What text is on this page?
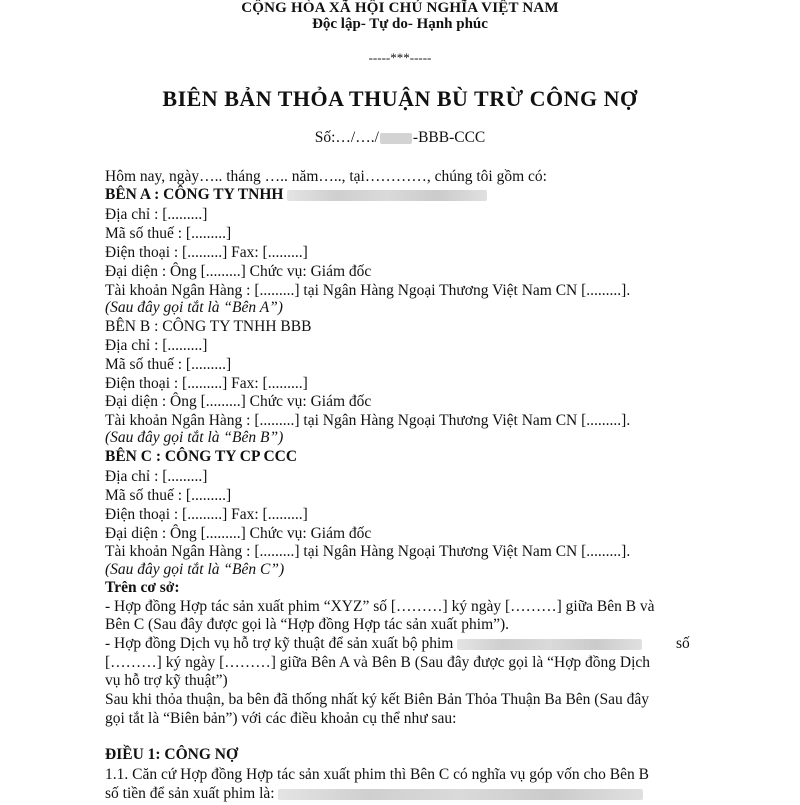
CỘNG HÒA XÃ HỘI CHỦ NGHĨA VIỆT NAM
Độc lập- Tự do- Hạnh phúc
-----***-----
BIÊN BẢN THỎA THUẬN BÙ TRỪ CÔNG NỢ
Số:…/…./ -BBB-CCC
Hôm nay, ngày….. tháng ….. năm….., tại…………, chúng tôi gồm có:
BÊN A : CÔNG TY TNHH
Địa chỉ : [.........]
Mã số thuế : [.........]
Điện thoại : [.........] Fax: [.........]
Đại diện : Ông [.........] Chức vụ: Giám đốc
Tài khoản Ngân Hàng : [.........] tại Ngân Hàng Ngoại Thương Việt Nam CN [.........].
(Sau đây gọi tắt là “Bên A”)
BÊN B : CÔNG TY TNHH BBB
Địa chỉ : [.........]
Mã số thuế : [.........]
Điện thoại : [.........] Fax: [.........]
Đại diện : Ông [.........] Chức vụ: Giám đốc
Tài khoản Ngân Hàng : [.........] tại Ngân Hàng Ngoại Thương Việt Nam CN [.........].
(Sau đây gọi tắt là “Bên B”)
BÊN C : CÔNG TY CP CCC
Địa chỉ : [.........]
Mã số thuế : [.........]
Điện thoại : [.........] Fax: [.........]
Đại diện : Ông [.........] Chức vụ: Giám đốc
Tài khoản Ngân Hàng : [.........] tại Ngân Hàng Ngoại Thương Việt Nam CN [.........].
(Sau đây gọi tắt là “Bên C”)
Trên cơ sở:
- Hợp đồng Hợp tác sản xuất phim “XYZ” số [………] ký ngày [………] giữa Bên B và
Bên C (Sau đây được gọi là “Hợp đồng Hợp tác sản xuất phim”).
- Hợp đồng Dịch vụ hỗ trợ kỹ thuật để sản xuất bộ phim	số
[………] ký ngày [………] giữa Bên A và Bên B (Sau đây được gọi là “Hợp đồng Dịch
vụ hỗ trợ kỹ thuật”)
Sau khi thỏa thuận, ba bên đã thống nhất ký kết Biên Bản Thỏa Thuận Ba Bên (Sau đây
gọi tắt là “Biên bản”) với các điều khoản cụ thể như sau:
ĐIỀU 1: CÔNG NỢ
1.1. Căn cứ Hợp đồng Hợp tác sản xuất phim thì Bên C có nghĩa vụ góp vốn cho Bên B
số tiền để sản xuất phim là:
